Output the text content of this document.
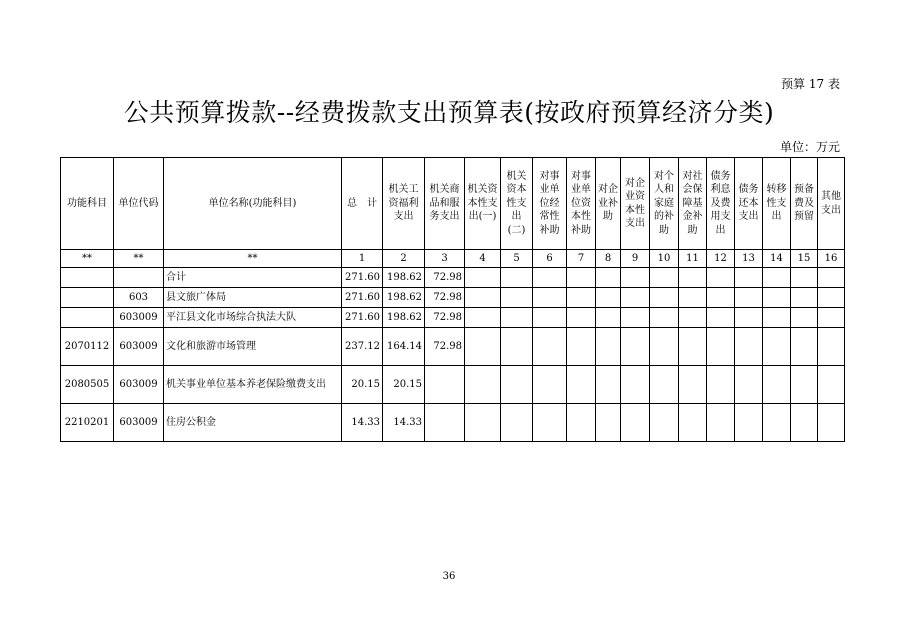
预算 17 表
公共预算拨款--经费拨款支出预算表(按政府预算经济分类)
单位：万元
功能科目	单位代码	单位名称(功能科目)	总　计	机关工资福利支出	机关商品和服务支出	机关资本性支出(一)	机关资本性支出(二)	对事业单位经常性补助	对事业单位资本性补助	对企业补助	对企业资本性支出	对个人和家庭的补助	对社会保障基金补助	债务利息及费用支出	债务还本支出	转移性支出	预备费及预留	其他支出
**	**	**	1	2	3	4	5	6	7	8	9	10	11	12	13	14	15	16
		合计	271.60	198.62	72.98													
	603	县文旅广体局	271.60	198.62	72.98													
	603009	平江县文化市场综合执法大队	271.60	198.62	72.98													
2070112	603009	文化和旅游市场管理	237.12	164.14	72.98													
2080505	603009	机关事业单位基本养老保险缴费支出	20.15	20.15														
2210201	603009	住房公积金	14.33	14.33														
36
